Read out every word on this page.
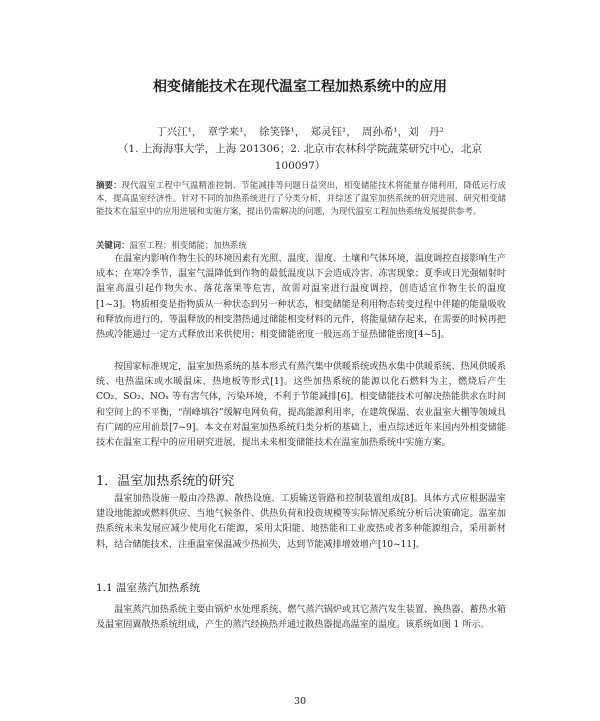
相变储能技术在现代温室工程加热系统中的应用
丁兴江¹，　章学来¹，　徐笑锋¹，　郑灵钰¹，　周孙希¹，刘　丹²
（1. 上海海事大学，上海 201306；2. 北京市农林科学院蔬菜研究中心，北京 100097）
摘要：现代温室工程中气温精准控制、节能减排等问题日益突出，相变储能技术将能量存储利用，降低运行成本，提高温室经济性。针对不同的加热系统进行了分类分析，并综述了温室加热系统的研究进展、研究相变储能技术在温室中的应用进展和实施方案，提出仍需解决的问题，为现代温室工程加热系统发展提供参考。
关键词：温室工程；相变储能；加热系统
在温室内影响作物生长的环境因素有光照、温度、湿度、土壤和气体环境，温度调控直接影响生产成本；在寒冷季节，温室气温降低到作物的最低温度以下会造成冷害、冻害现象；夏季或日光强辐射时温室高温引起作物失水、落花落果等危害，故需对温室进行温度调控，创造适宜作物生长的温度[1~3]。物质相变是指物质从一种状态到另一种状态，相变储能是利用物态转变过程中伴随的能量吸收和释放而进行的，等温释放的相变潜热通过储能相变材料的元件，将能量储存起来，在需要的时候再把热或冷能通过一定方式释放出来供使用；相变储能密度一般远高于显热储能密度[4~5]。
按国家标准规定，温室加热系统的基本形式有蒸汽集中供暖系统或热水集中供暖系统、热风供暖系统、电热温床或水暖温床、热地板等形式[1]。这些加热系统的能源以化石燃料为主，燃烧后产生 CO₂、SO₂、NOₓ 等有害气体，污染环境，不利于节能减排[6]。相变储能技术可解决热能供求在时间和空间上的不平衡，“削峰填谷”缓解电网负荷，提高能源利用率，在建筑保温、农业温室大棚等领域具有广阔的应用前景[7~9]。本文在对温室加热系统归类分析的基础上，重点综述近年来国内外相变储能技术在温室工程中的应用研究进展，提出未来相变储能技术在温室加热系统中实施方案。
1．温室加热系统的研究
温室加热设施一般由冷热源、散热设施、工质输送管路和控制装置组成[8]。具体方式应根据温室建设地能源或燃料供应、当地气候条件、供热负荷和投资规模等实际情况系统分析后决策确定。温室加热系统未来发展应减少使用化石能源，采用太阳能、地热能和工业废热或者多种能源组合，采用新材料，结合储能技术，注重温室保温减少热损失，达到节能减排增效增产[10~11]。
1.1 温室蒸汽加热系统
温室蒸汽加热系统主要由锅炉水处理系统、燃气蒸汽锅炉或其它蒸汽发生装置、换热器、蓄热水箱及温室固翼散热系统组成，产生的蒸汽经换热并通过散热器提高温室的温度。该系统如图 1 所示。
30
